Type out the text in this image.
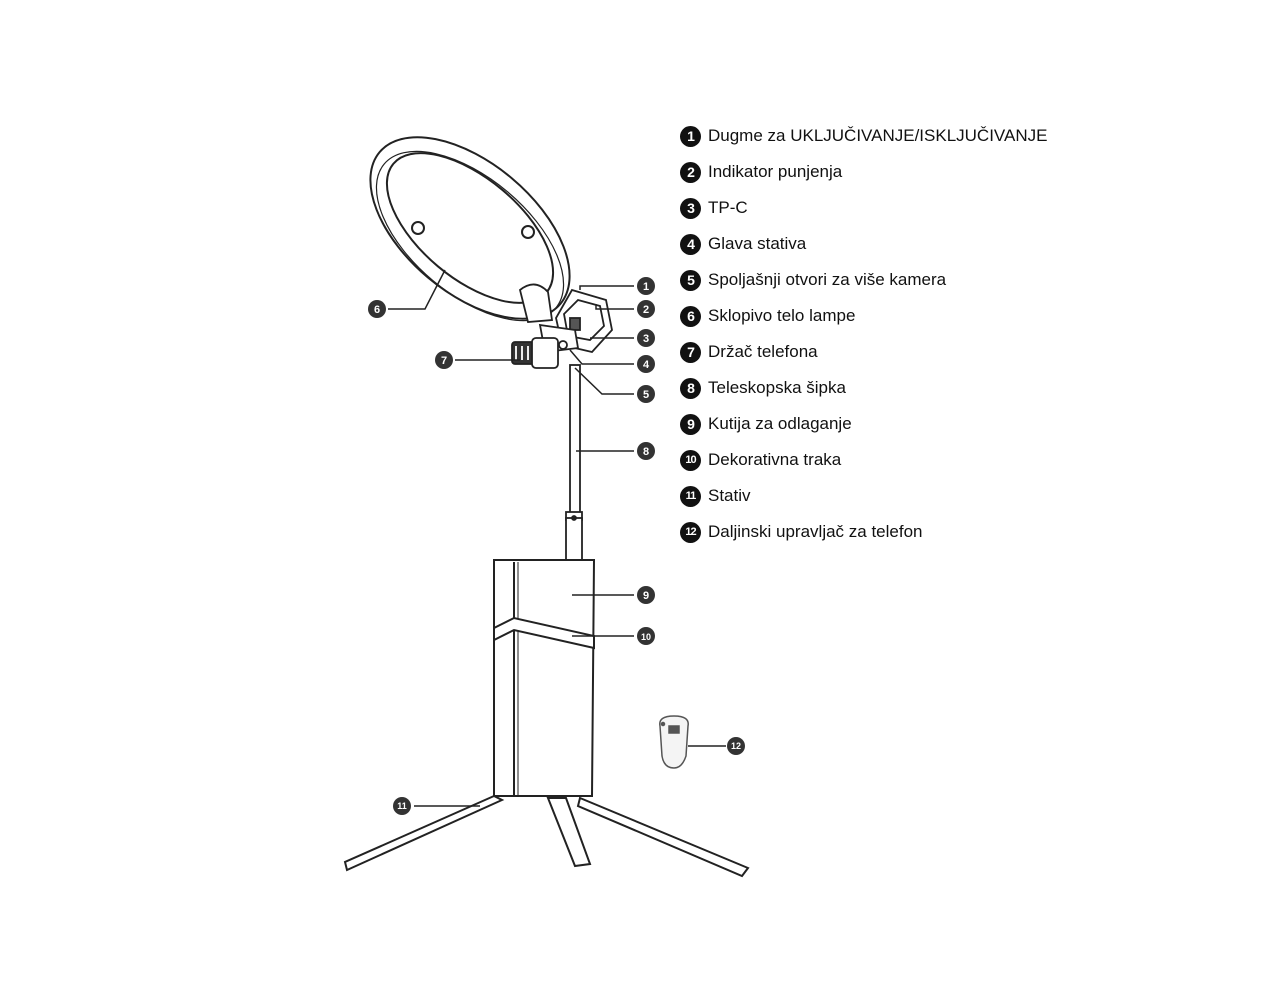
1
2
3
4
5
6
7
8
9
10
11
12
1 Dugme za UKLJUČIVANJE/ISKLJUČIVANJE
2 Indikator punjenja
3 TP-C
4 Glava stativa
5 Spoljašnji otvori za više kamera
6 Sklopivo telo lampe
7 Držač telefona
8 Teleskopska šipka
9 Kutija za odlaganje
10 Dekorativna traka
11 Stativ
12 Daljinski upravljač za telefon
